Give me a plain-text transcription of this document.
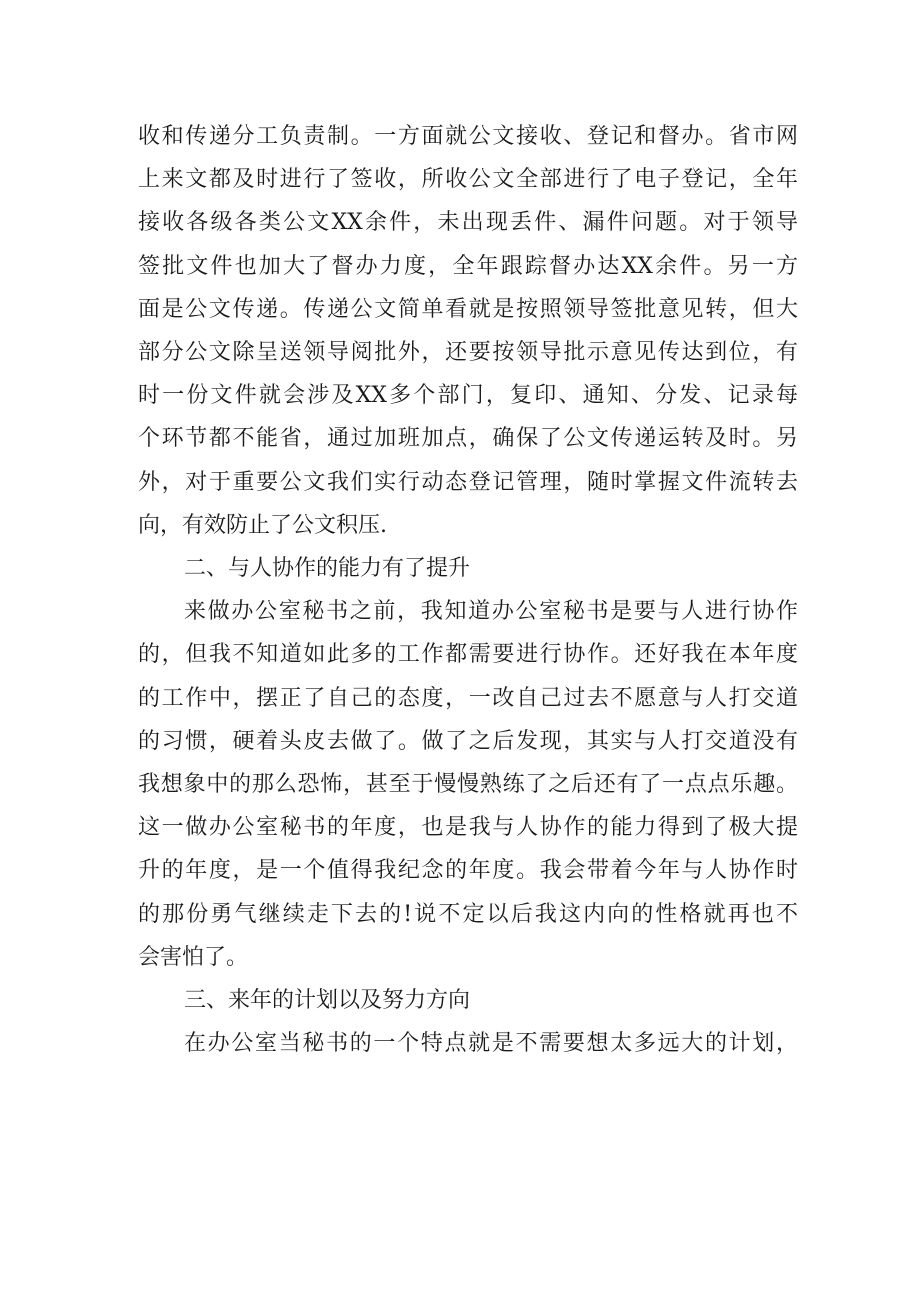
收和传递分工负责制。一方面就公文接收、登记和督办。省市网
上来文都及时进行了签收，所收公文全部进行了电子登记，全年
接收各级各类公文XX余件，未出现丢件、漏件问题。对于领导
签批文件也加大了督办力度，全年跟踪督办达XX余件。另一方
面是公文传递。传递公文简单看就是按照领导签批意见转，但大
部分公文除呈送领导阅批外，还要按领导批示意见传达到位，有
时一份文件就会涉及XX多个部门，复印、通知、分发、记录每
个环节都不能省，通过加班加点，确保了公文传递运转及时。另
外，对于重要公文我们实行动态登记管理，随时掌握文件流转去
向，有效防止了公文积压.
二、与人协作的能力有了提升
来做办公室秘书之前，我知道办公室秘书是要与人进行协作
的，但我不知道如此多的工作都需要进行协作。还好我在本年度
的工作中，摆正了自己的态度，一改自己过去不愿意与人打交道
的习惯，硬着头皮去做了。做了之后发现，其实与人打交道没有
我想象中的那么恐怖，甚至于慢慢熟练了之后还有了一点点乐趣。
这一做办公室秘书的年度，也是我与人协作的能力得到了极大提
升的年度，是一个值得我纪念的年度。我会带着今年与人协作时
的那份勇气继续走下去的!说不定以后我这内向的性格就再也不
会害怕了。
三、来年的计划以及努力方向
在办公室当秘书的一个特点就是不需要想太多远大的计划，
